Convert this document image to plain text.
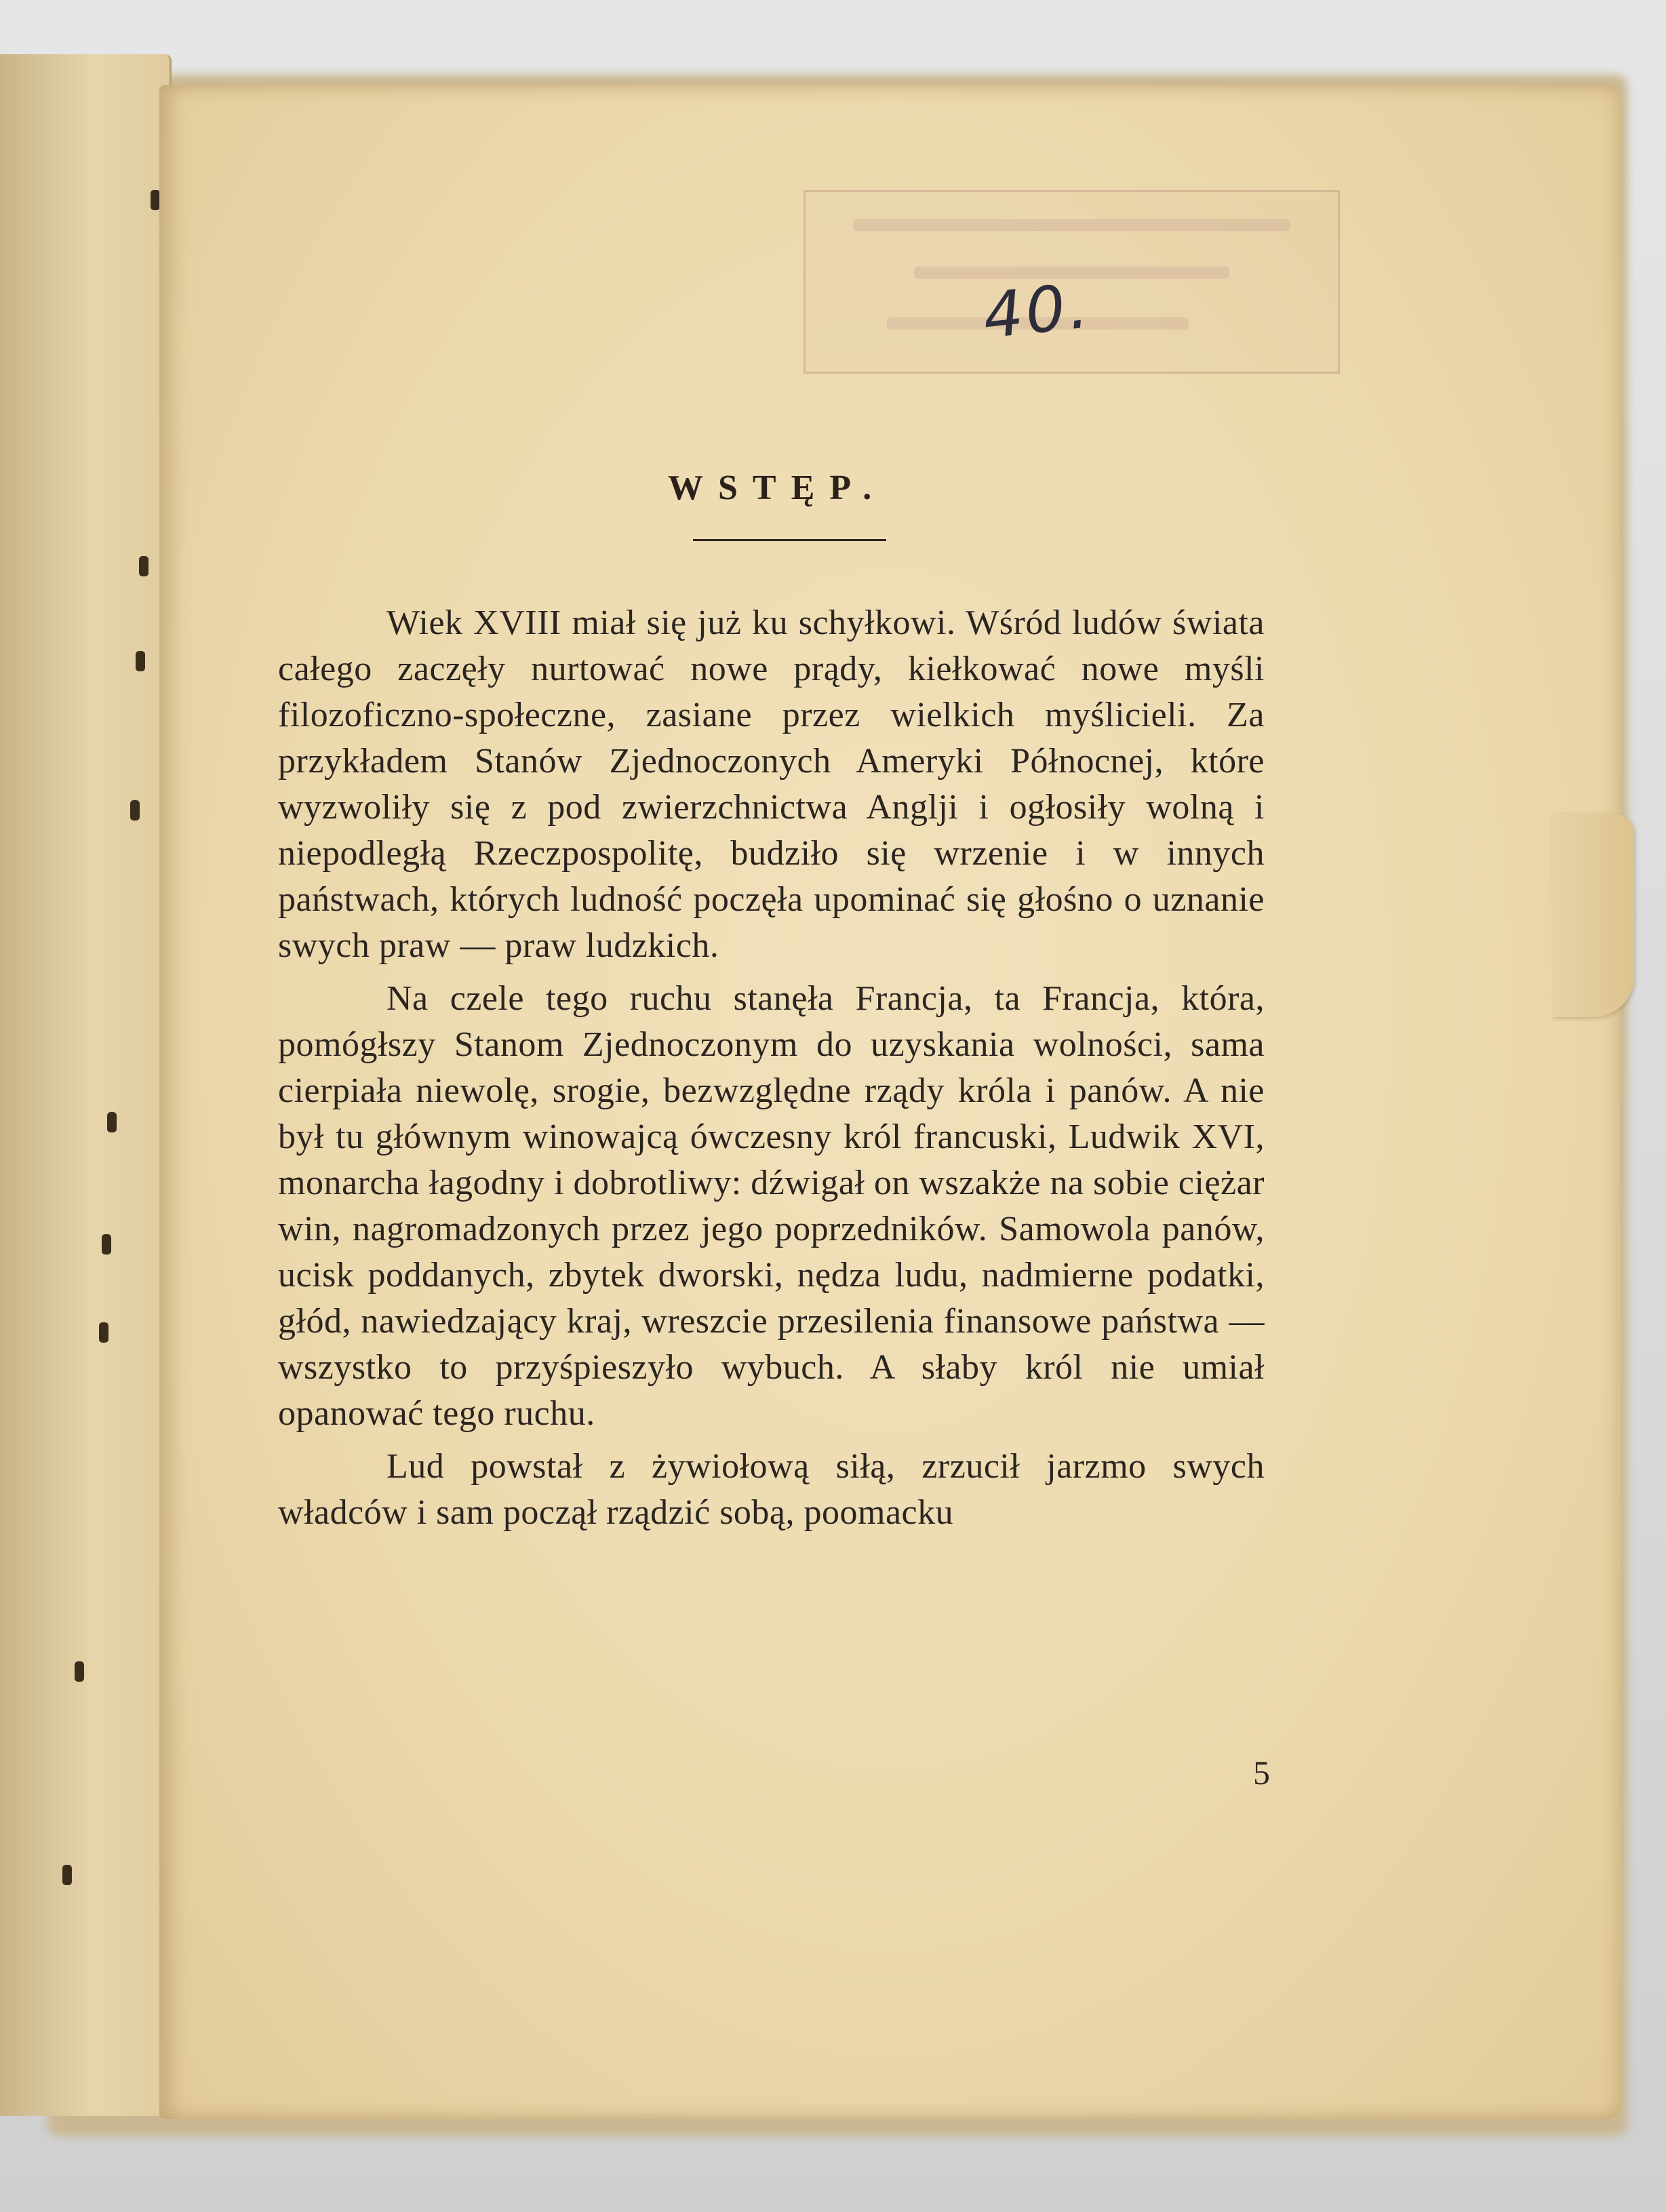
40.
WSTĘP.

Wiek XVIII miał się już ku schyłkowi. Wśród ludów świata całego zaczęły nurtować nowe prądy, kiełkować nowe myśli filozoficzno-społeczne, zasiane przez wielkich myślicieli. Za przykładem Stanów Zjednoczonych Ameryki Północnej, które wyzwoliły się z pod zwierzchnictwa Anglji i ogłosiły wolną i niepodległą Rzeczpospolitę, budziło się wrzenie i w innych państwach, których ludność poczęła upominać się głośno o uznanie swych praw — praw ludzkich.

Na czele tego ruchu stanęła Francja, ta Francja, która, pomógłszy Stanom Zjednoczonym do uzyskania wolności, sama cierpiała niewolę, srogie, bezwzględne rządy króla i panów. A nie był tu głównym winowajcą ówczesny król francuski, Ludwik XVI, monarcha łagodny i dobrotliwy: dźwigał on wszakże na sobie ciężar win, nagromadzonych przez jego poprzedników. Samowola panów, ucisk poddanych, zbytek dworski, nędza ludu, nadmierne podatki, głód, nawiedzający kraj, wreszcie przesilenia finansowe państwa — wszystko to przyśpieszyło wybuch. A słaby król nie umiał opanować tego ruchu.

Lud powstał z żywiołową siłą, zrzucił jarzmo swych władców i sam począł rządzić sobą, poomacku

5
